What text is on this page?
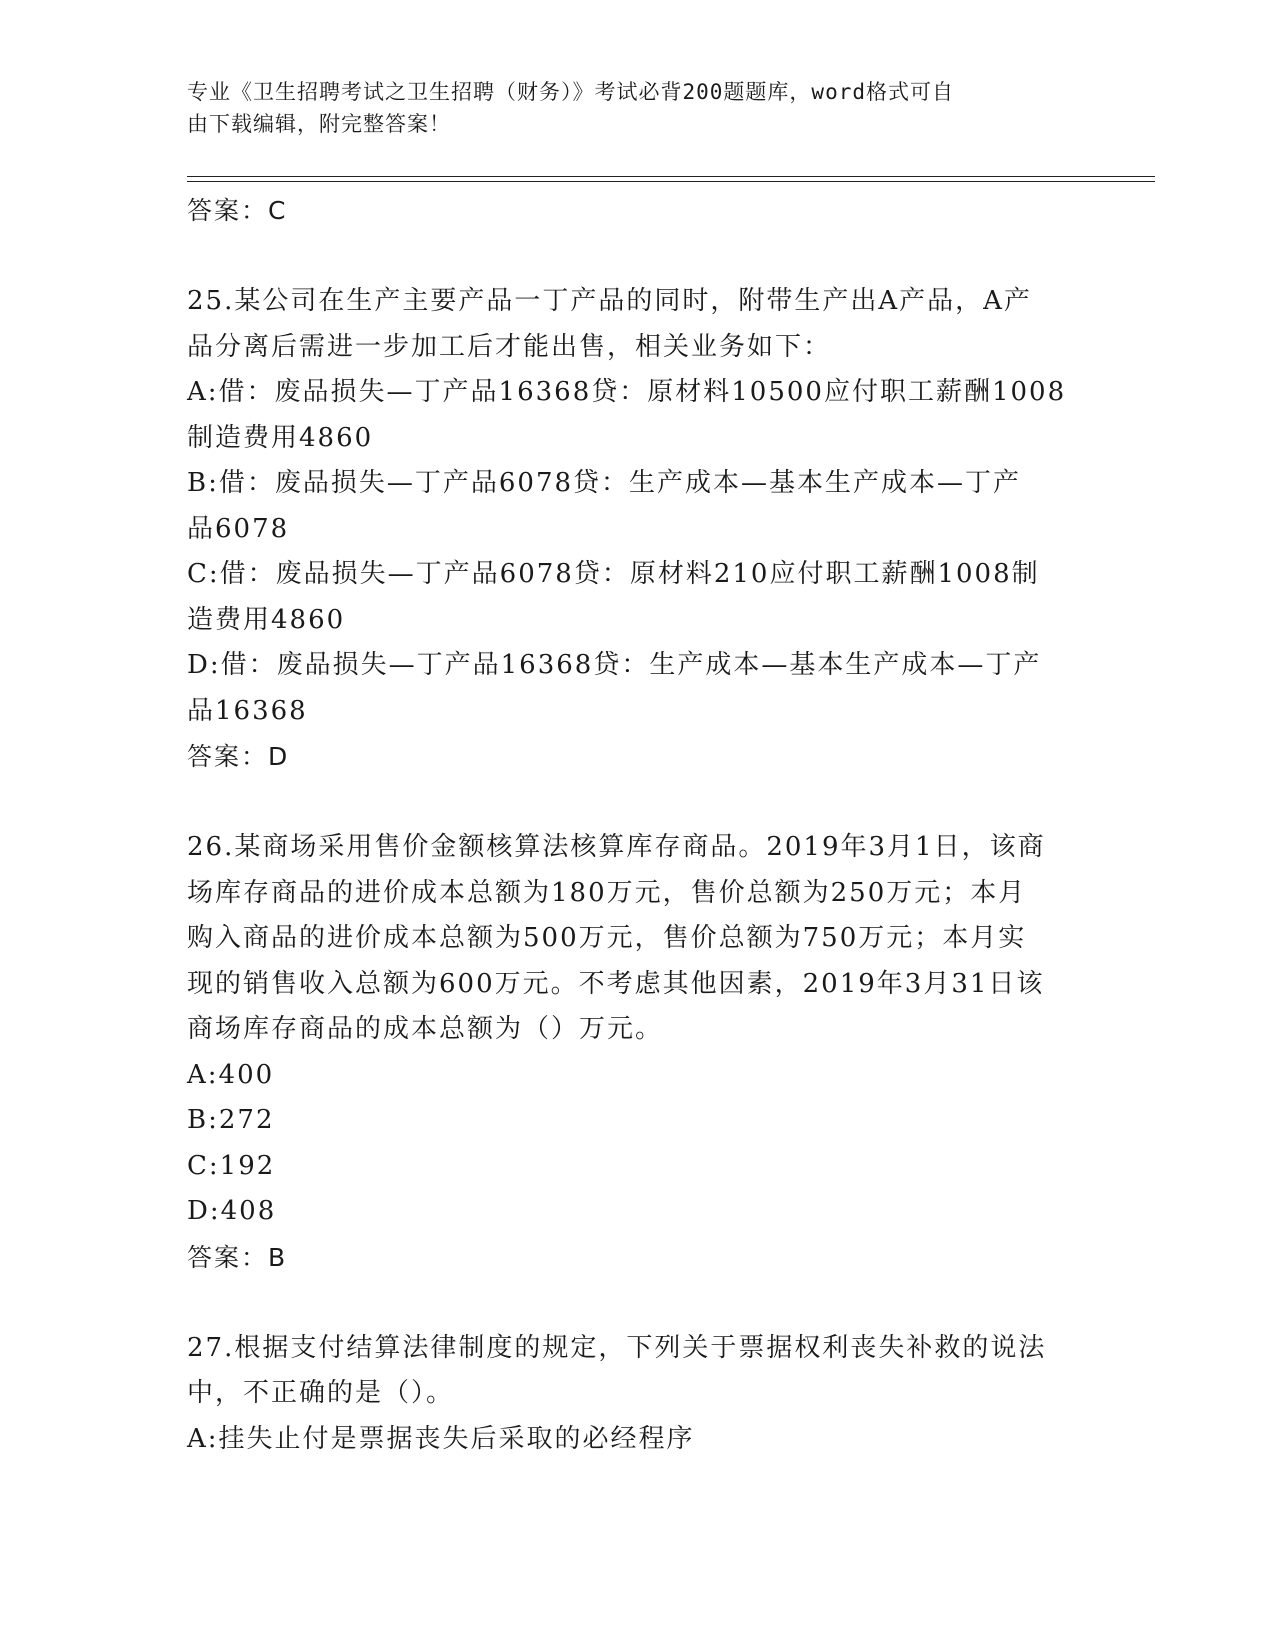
专业《卫生招聘考试之卫生招聘（财务）》考试必背200题题库，word格式可自
由下载编辑，附完整答案！
答案：C
25.某公司在生产主要产品一丁产品的同时，附带生产出A产品，A产
品分离后需进一步加工后才能出售，相关业务如下：
A:借：废品损失—丁产品16368贷：原材料10500应付职工薪酬1008
制造费用4860
B:借：废品损失—丁产品6078贷：生产成本—基本生产成本—丁产
品6078
C:借：废品损失—丁产品6078贷：原材料210应付职工薪酬1008制
造费用4860
D:借：废品损失—丁产品16368贷：生产成本—基本生产成本—丁产
品16368
答案：D
26.某商场采用售价金额核算法核算库存商品。2019年3月1日，该商
场库存商品的进价成本总额为180万元，售价总额为250万元；本月
购入商品的进价成本总额为500万元，售价总额为750万元；本月实
现的销售收入总额为600万元。不考虑其他因素，2019年3月31日该
商场库存商品的成本总额为（）万元。
A:400
B:272
C:192
D:408
答案：B
27.根据支付结算法律制度的规定，下列关于票据权利丧失补救的说法
中，不正确的是（）。
A:挂失止付是票据丧失后采取的必经程序
